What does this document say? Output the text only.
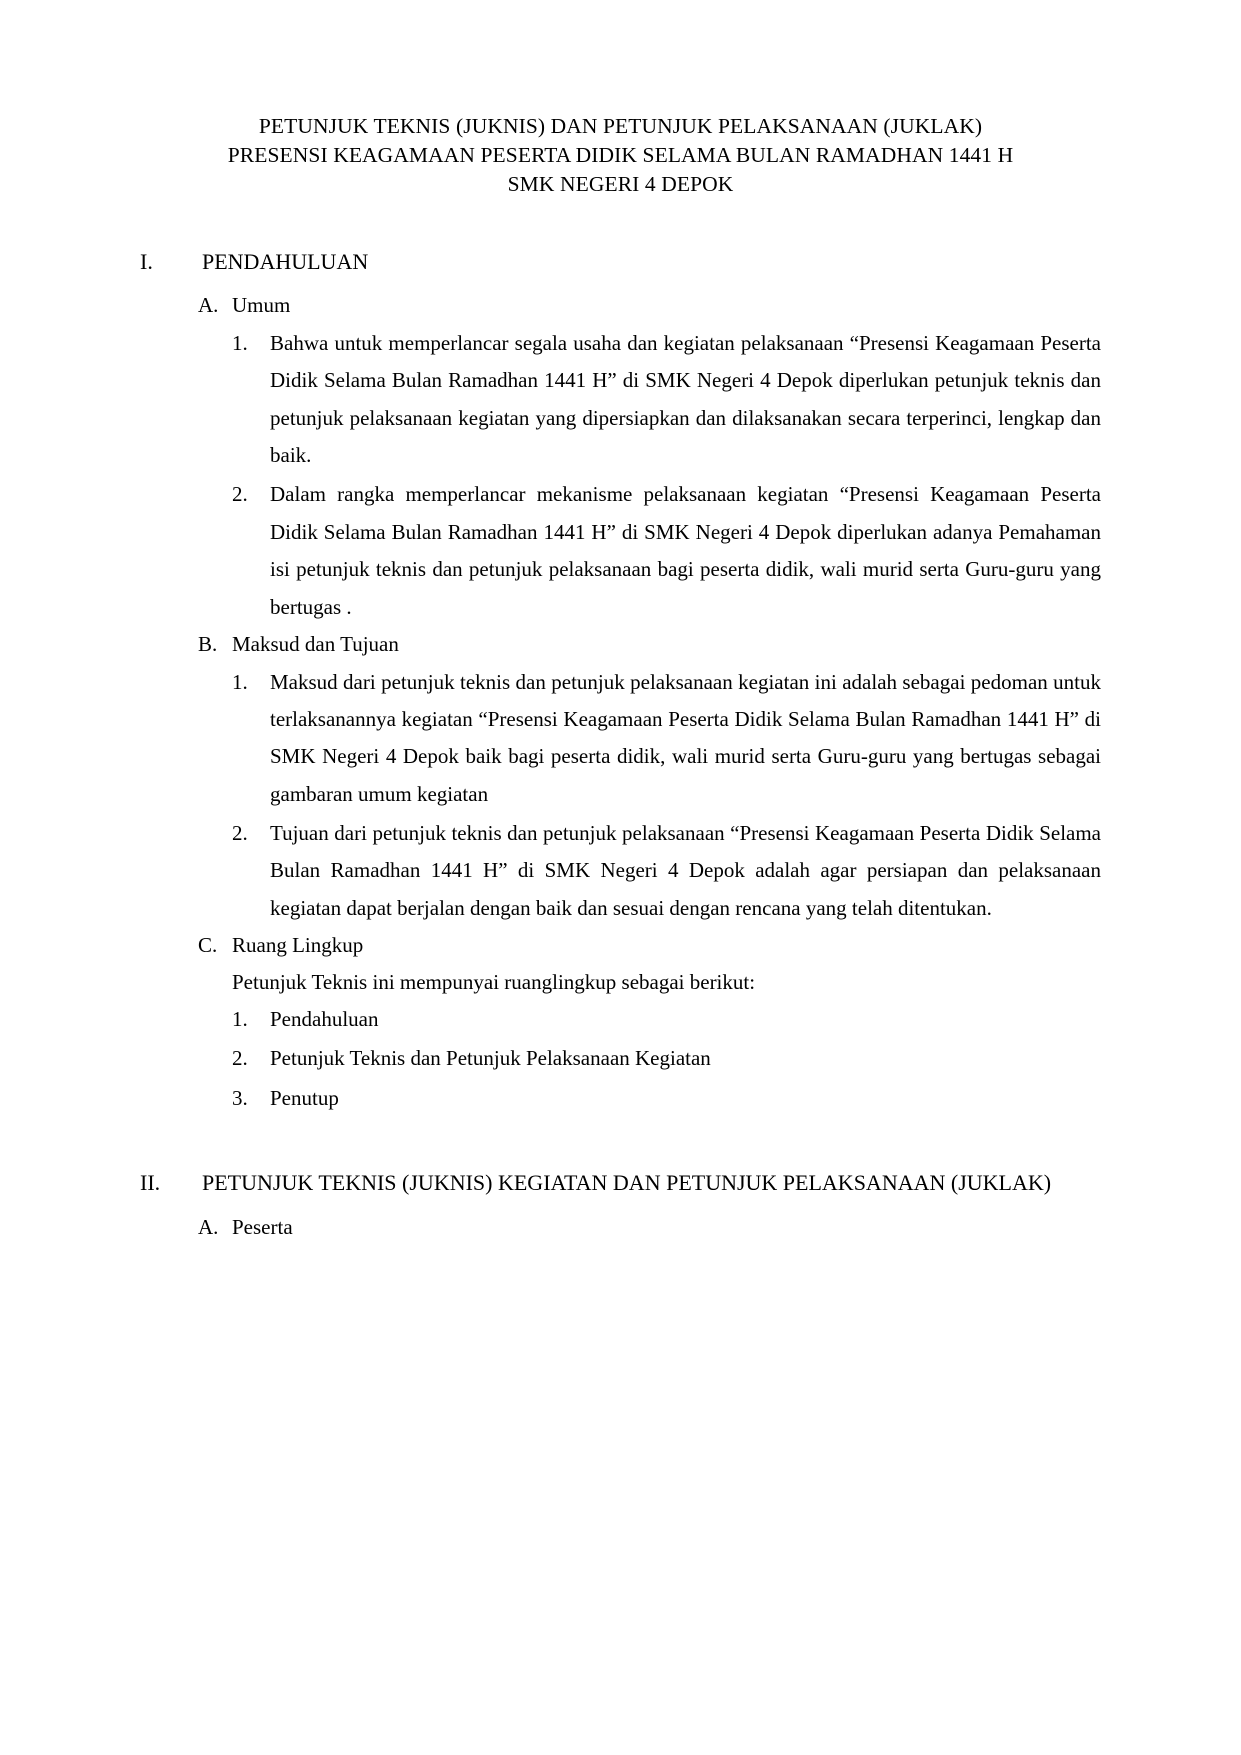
PETUNJUK TEKNIS (JUKNIS) DAN PETUNJUK PELAKSANAAN (JUKLAK)
PRESENSI KEAGAMAAN PESERTA DIDIK SELAMA BULAN RAMADHAN 1441 H
SMK NEGERI 4 DEPOK
I.	PENDAHULUAN
A. Umum
1.	Bahwa untuk memperlancar segala usaha dan kegiatan pelaksanaan “Presensi Keagamaan Peserta Didik Selama Bulan Ramadhan 1441 H” di SMK Negeri 4 Depok diperlukan petunjuk teknis dan petunjuk pelaksanaan kegiatan yang dipersiapkan dan dilaksanakan secara terperinci, lengkap dan baik.
2.	Dalam rangka memperlancar mekanisme pelaksanaan kegiatan “Presensi Keagamaan Peserta Didik Selama Bulan Ramadhan 1441 H” di SMK Negeri 4 Depok diperlukan adanya Pemahaman isi petunjuk teknis dan petunjuk pelaksanaan bagi peserta didik, wali murid serta Guru-guru yang bertugas .
B. Maksud dan Tujuan
1.	Maksud dari petunjuk teknis dan petunjuk pelaksanaan kegiatan ini adalah sebagai pedoman untuk terlaksanannya kegiatan “Presensi Keagamaan Peserta Didik Selama Bulan Ramadhan 1441 H” di SMK Negeri 4 Depok baik bagi peserta didik, wali murid serta Guru-guru yang bertugas sebagai gambaran umum kegiatan
2.	Tujuan dari petunjuk teknis dan petunjuk pelaksanaan “Presensi Keagamaan Peserta Didik Selama Bulan Ramadhan 1441 H” di SMK Negeri 4 Depok adalah agar persiapan dan pelaksanaan kegiatan dapat berjalan dengan baik dan sesuai dengan rencana yang telah ditentukan.
C. Ruang Lingkup
Petunjuk Teknis ini mempunyai ruanglingkup sebagai berikut:
1.	Pendahuluan
2.	Petunjuk Teknis dan Petunjuk Pelaksanaan Kegiatan
3.	Penutup
II.	PETUNJUK TEKNIS (JUKNIS) KEGIATAN DAN PETUNJUK PELAKSANAAN (JUKLAK)
A. Peserta
